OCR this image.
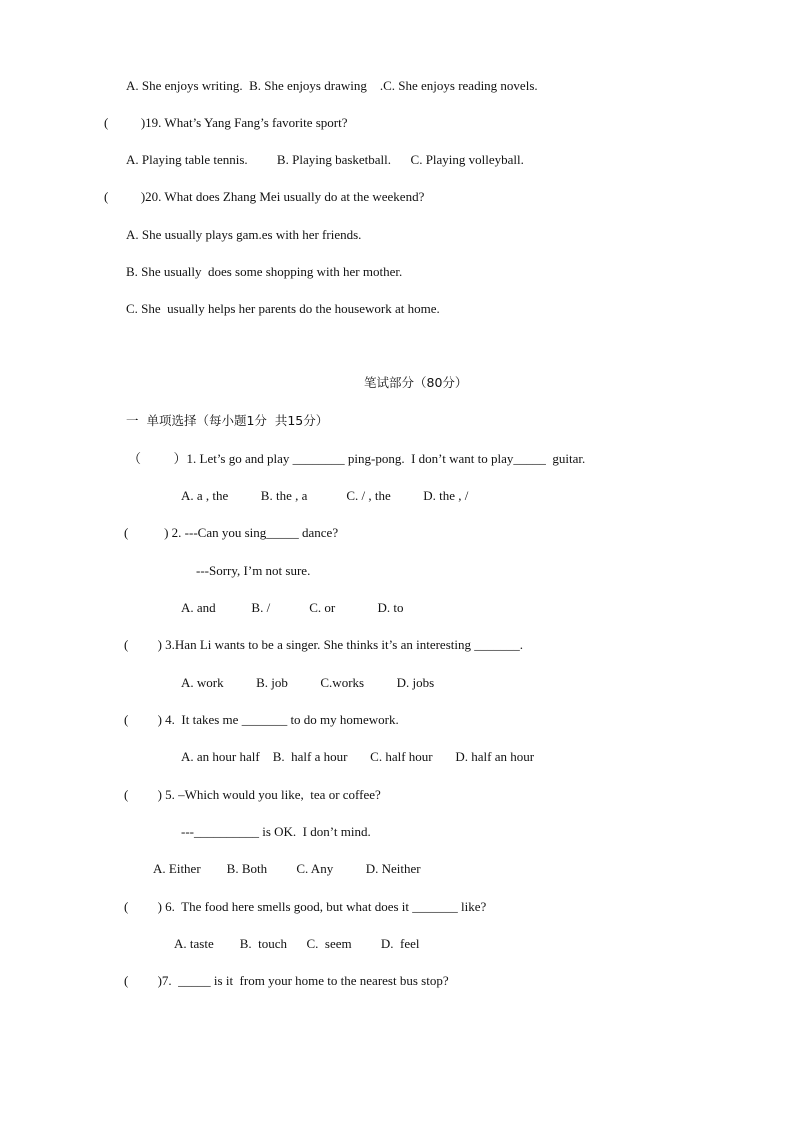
A. She enjoys writing.  B. She enjoys drawing    .C. She enjoys reading novels.
(          )19. What’s Yang Fang’s favorite sport?
A. Playing table tennis.         B. Playing basketball.      C. Playing volleyball.
(          )20. What does Zhang Mei usually do at the weekend?
A. She usually plays gam.es with her friends.
B. She usually  does some shopping with her mother.
C. She  usually helps her parents do the housework at home.
笔试部分（80分）
一  单项选择（每小题1分  共15分）
（          ）1. Let’s go and play ________ ping-pong.  I don’t want to play_____  guitar.
A. a , the          B. the , a            C. / , the          D. the , /
(           ) 2. ---Can you sing_____ dance?
---Sorry, I’m not sure.
A. and           B. /            C. or             D. to
(         ) 3.Han Li wants to be a singer. She thinks it’s an interesting _______.
A. work          B. job          C.works          D. jobs
(         ) 4.  It takes me _______ to do my homework.
A. an hour half    B.  half a hour       C. half hour       D. half an hour
(         ) 5. –Which would you like,  tea or coffee?
---__________ is OK.  I don’t mind.
A. Either        B. Both         C. Any          D. Neither
(         ) 6.  The food here smells good, but what does it _______ like?
A. taste        B.  touch      C.  seem         D.  feel
(         )7.  _____ is it  from your home to the nearest bus stop?
